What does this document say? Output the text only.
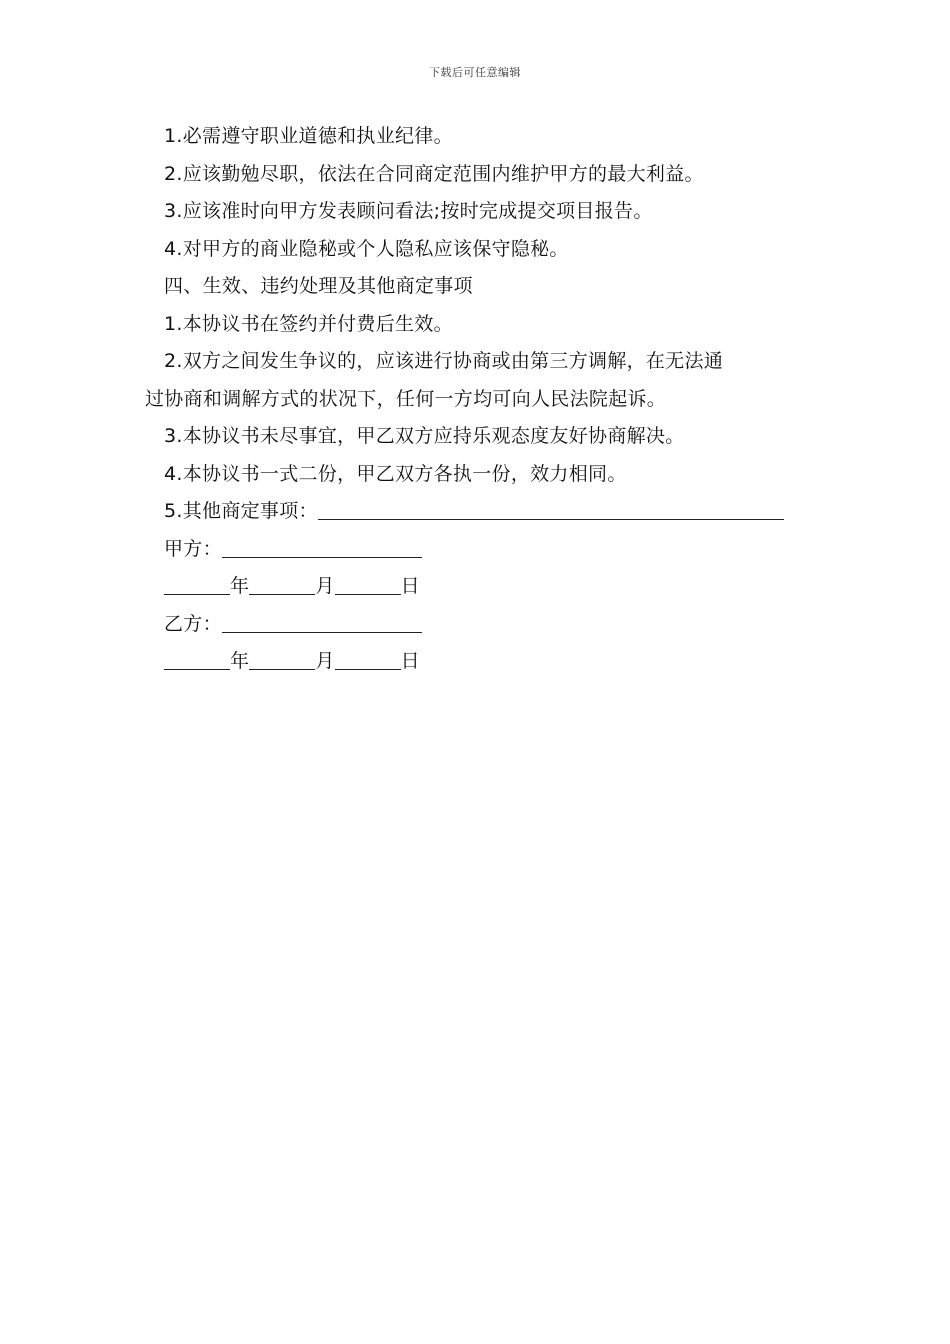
下载后可任意编辑
1.必需遵守职业道德和执业纪律。
2.应该勤勉尽职，依法在合同商定范围内维护甲方的最大利益。
3.应该准时向甲方发表顾问看法;按时完成提交项目报告。
4.对甲方的商业隐秘或个人隐私应该保守隐秘。
四、生效、违约处理及其他商定事项
1.本协议书在签约并付费后生效。
2.双方之间发生争议的，应该进行协商或由第三方调解，在无法通
过协商和调解方式的状况下，任何一方均可向人民法院起诉。
3.本协议书未尽事宜，甲乙双方应持乐观态度友好协商解决。
4.本协议书一式二份，甲乙双方各执一份，效力相同。
5.其他商定事项：
甲方：
年	月	日
乙方：
年	月	日
